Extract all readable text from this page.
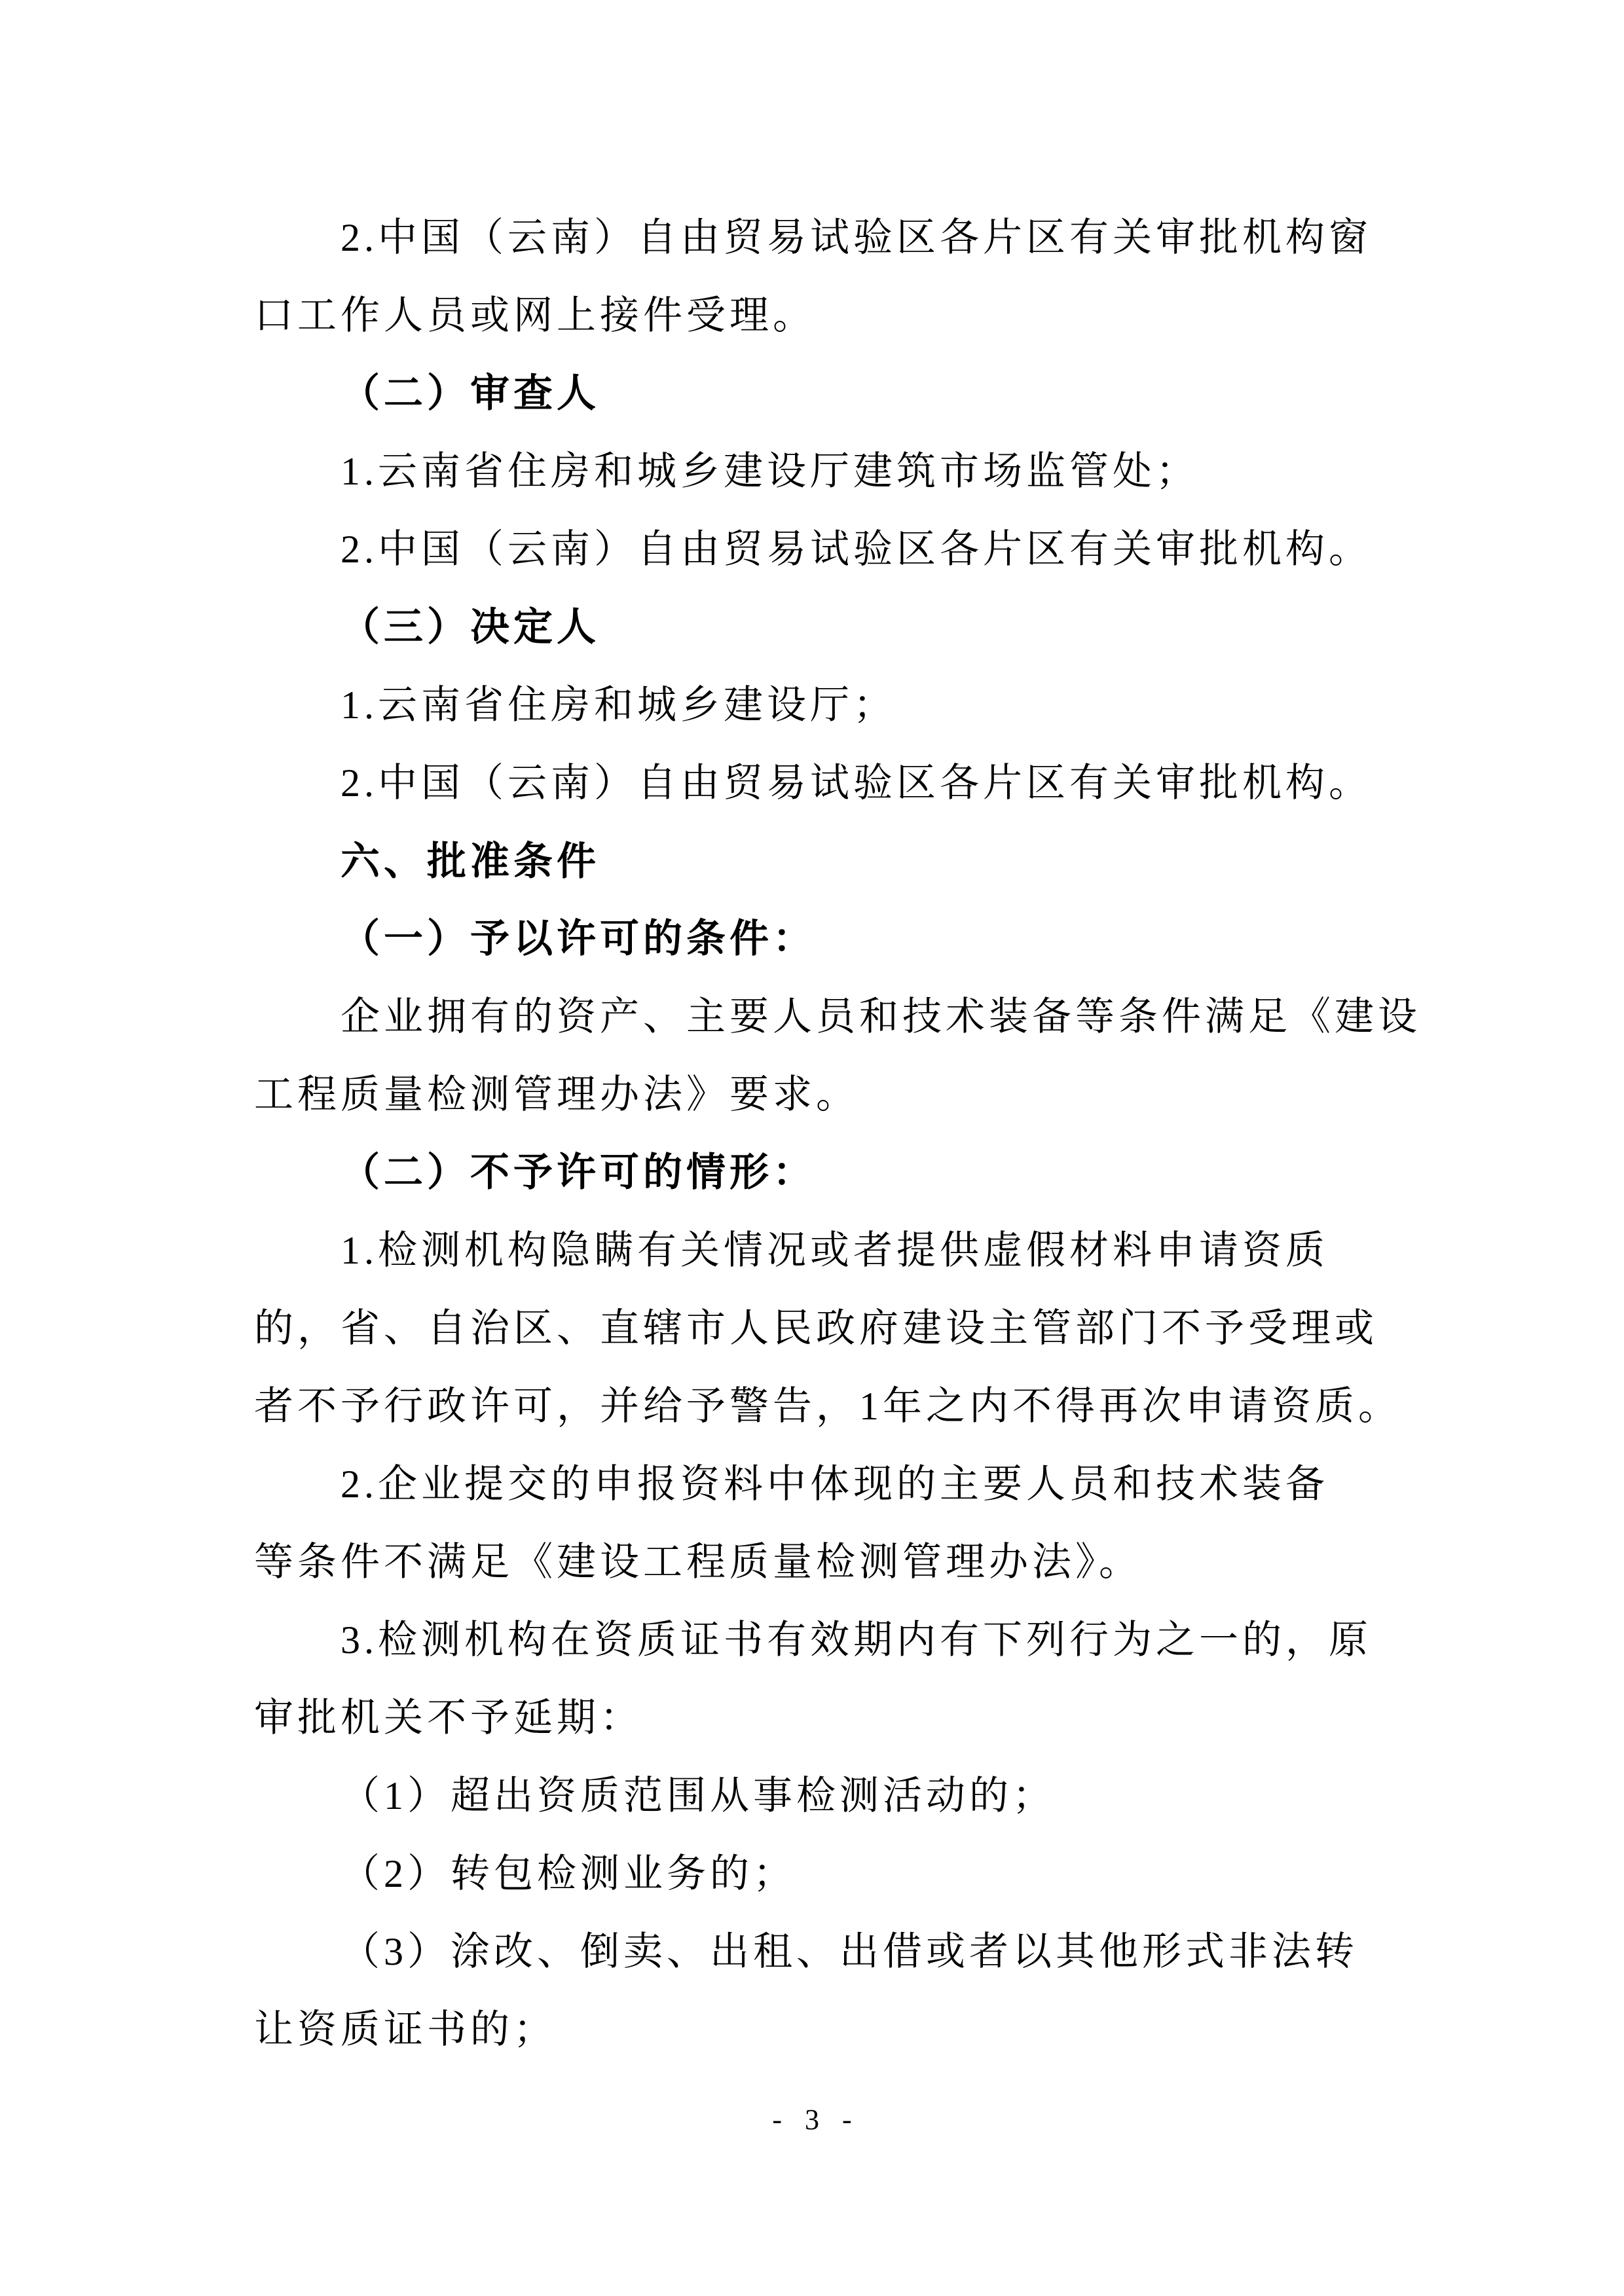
2.中国（云南）自由贸易试验区各片区有关审批机构窗
口工作人员或网上接件受理。
（二）审查人
1.云南省住房和城乡建设厅建筑市场监管处；
2.中国（云南）自由贸易试验区各片区有关审批机构。
（三）决定人
1.云南省住房和城乡建设厅；
2.中国（云南）自由贸易试验区各片区有关审批机构。
六、批准条件
（一）予以许可的条件：
企业拥有的资产、主要人员和技术装备等条件满足《建设
工程质量检测管理办法》要求。
（二）不予许可的情形：
1.检测机构隐瞒有关情况或者提供虚假材料申请资质
的，省、自治区、直辖市人民政府建设主管部门不予受理或
者不予行政许可，并给予警告，1年之内不得再次申请资质。
2.企业提交的申报资料中体现的主要人员和技术装备
等条件不满足《建设工程质量检测管理办法》。
3.检测机构在资质证书有效期内有下列行为之一的，原
审批机关不予延期：
（1）超出资质范围从事检测活动的；
（2）转包检测业务的；
（3）涂改、倒卖、出租、出借或者以其他形式非法转
让资质证书的；
- 3 -
